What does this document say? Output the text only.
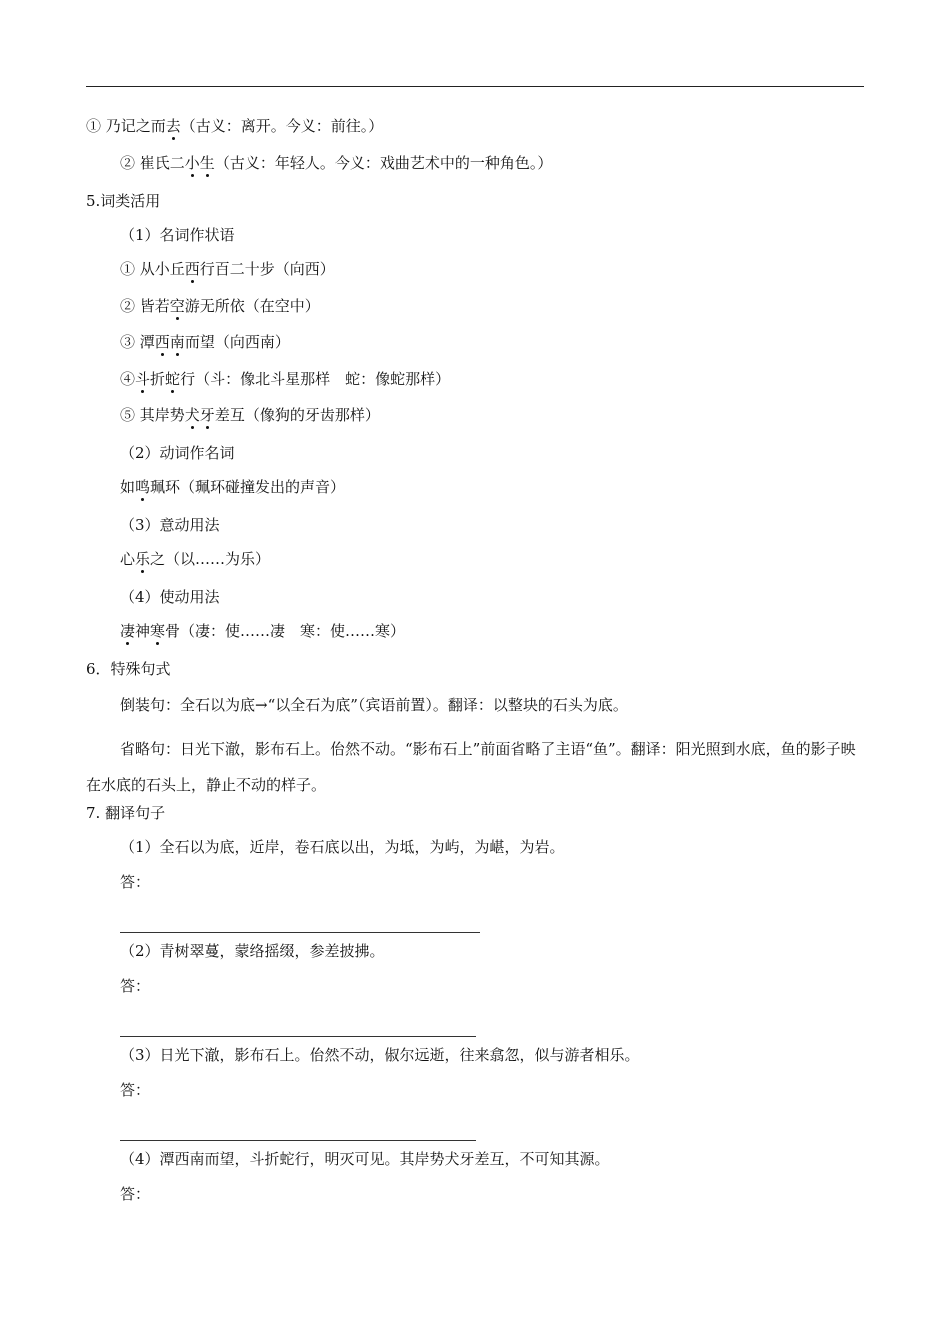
① 乃记之而去（古义：离开。今义：前往。）
② 崔氏二小生（古义：年轻人。今义：戏曲艺术中的一种角色。）
5.词类活用
（1）名词作状语
① 从小丘西行百二十步（向西）
② 皆若空游无所依（在空中）
③ 潭西南而望（向西南）
④斗折蛇行（斗：像北斗星那样　蛇：像蛇那样）
⑤ 其岸势犬牙差互（像狗的牙齿那样）
（2）动词作名词
如鸣珮环（珮环碰撞发出的声音）
（3）意动用法
心乐之（以……为乐）
（4）使动用法
凄神寒骨（凄：使……凄　寒：使……寒）
6．特殊句式
倒装句：全石以为底→“以全石为底”（宾语前置）。翻译：以整块的石头为底。
7. 翻译句子
（1）全石以为底，近岸，卷石底以出，为坻，为屿，为嵁，为岩。
答：
（2）青树翠蔓，蒙络摇缀，参差披拂。
答：
（3）日光下澈，影布石上。佁然不动，俶尔远逝，往来翕忽，似与游者相乐。
答：
（4）潭西南而望，斗折蛇行，明灭可见。其岸势犬牙差互，不可知其源。
答：
省略句：日光下澈，影布石上。佁然不动。“影布石上”前面省略了主语“鱼”。翻译：阳光照到水底，鱼的影子映在水底的石头上，静止不动的样子。
